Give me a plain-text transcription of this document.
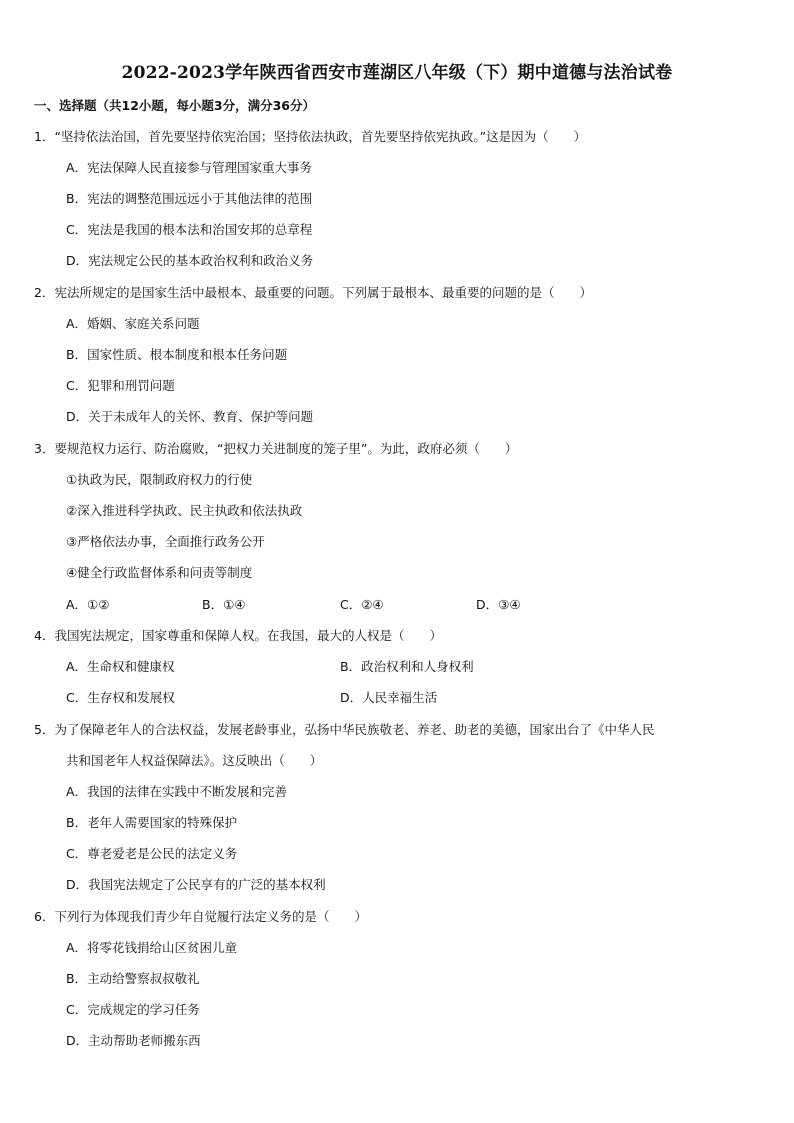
2022-2023学年陕西省西安市莲湖区八年级（下）期中道德与法治试卷
一、选择题（共12小题，每小题3分，满分36分）
1．“坚持依法治国，首先要坚持依宪治国；坚持依法执政，首先要坚持依宪执政。”这是因为（　　）
A．宪法保障人民直接参与管理国家重大事务
B．宪法的调整范围远远小于其他法律的范围
C．宪法是我国的根本法和治国安邦的总章程
D．宪法规定公民的基本政治权利和政治义务
2．宪法所规定的是国家生活中最根本、最重要的问题。下列属于最根本、最重要的问题的是（　　）
A．婚姻、家庭关系问题
B．国家性质、根本制度和根本任务问题
C．犯罪和刑罚问题
D．关于未成年人的关怀、教育、保护等问题
3．要规范权力运行、防治腐败，“把权力关进制度的笼子里”。为此，政府必须（　　）
①执政为民，限制政府权力的行使
②深入推进科学执政、民主执政和依法执政
③严格依法办事，全面推行政务公开
④健全行政监督体系和问责等制度
A．①②	B．①④	C．②④	D．③④
4．我国宪法规定，国家尊重和保障人权。在我国，最大的人权是（　　）
A．生命权和健康权	B．政治权利和人身权利
C．生存权和发展权	D．人民幸福生活
5．为了保障老年人的合法权益，发展老龄事业，弘扬中华民族敬老、养老、助老的美德，国家出台了《中华人民
共和国老年人权益保障法》。这反映出（　　）
A．我国的法律在实践中不断发展和完善
B．老年人需要国家的特殊保护
C．尊老爱老是公民的法定义务
D．我国宪法规定了公民享有的广泛的基本权利
6．下列行为体现我们青少年自觉履行法定义务的是（　　）
A．将零花钱捐给山区贫困儿童
B．主动给警察叔叔敬礼
C．完成规定的学习任务
D．主动帮助老师搬东西
